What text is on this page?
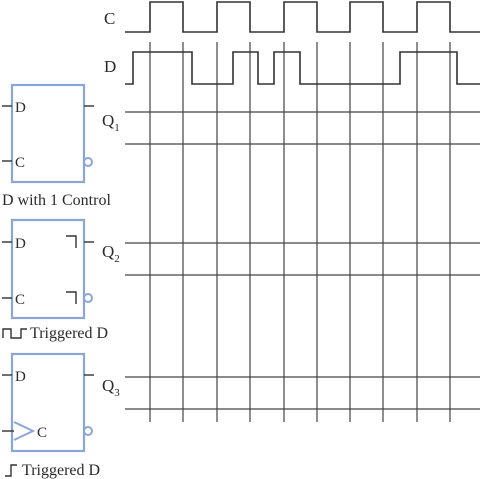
C
D
$Q_1$
$Q_2$
$Q_3$
D
C
D with 1 Control
D
C
Triggered D
D
C
Triggered D
